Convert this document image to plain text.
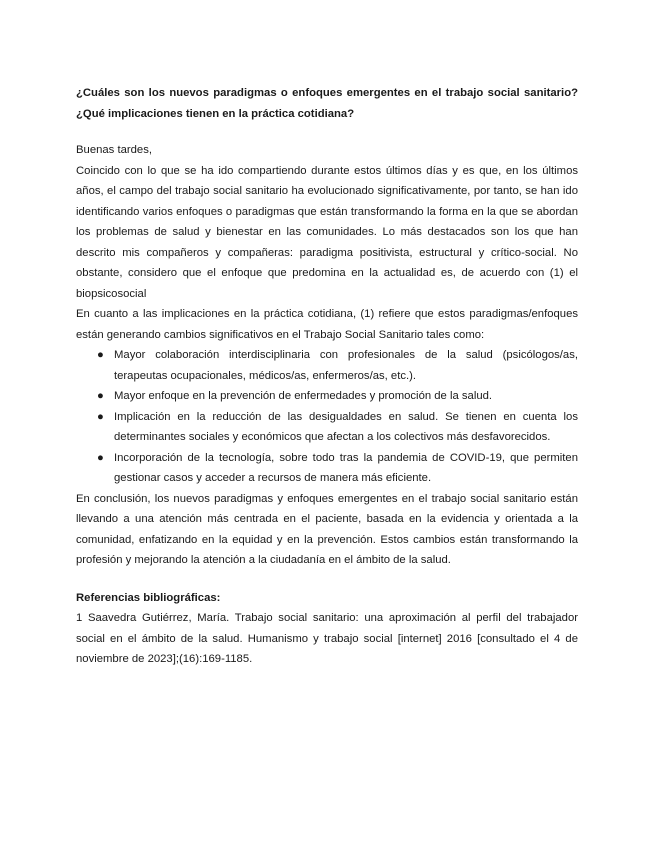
¿Cuáles son los nuevos paradigmas o enfoques emergentes en el trabajo social sanitario? ¿Qué implicaciones tienen en la práctica cotidiana?

Buenas tardes,

Coincido con lo que se ha ido compartiendo durante estos últimos días y es que, en los últimos años, el campo del trabajo social sanitario ha evolucionado significativamente, por tanto, se han ido identificando varios enfoques o paradigmas que están transformando la forma en la que se abordan los problemas de salud y bienestar en las comunidades. Lo más destacados son los que han descrito mis compañeros y compañeras: paradigma positivista, estructural y crítico-social. No obstante, considero que el enfoque que predomina en la actualidad es, de acuerdo con (1) el biopsicosocial

En cuanto a las implicaciones en la práctica cotidiana, (1) refiere que estos paradigmas/enfoques están generando cambios significativos en el Trabajo Social Sanitario tales como:

● Mayor colaboración interdisciplinaria con profesionales de la salud (psicólogos/as, terapeutas ocupacionales, médicos/as, enfermeros/as, etc.).
● Mayor enfoque en la prevención de enfermedades y promoción de la salud.
● Implicación en la reducción de las desigualdades en salud. Se tienen en cuenta los determinantes sociales y económicos que afectan a los colectivos más desfavorecidos.
● Incorporación de la tecnología, sobre todo tras la pandemia de COVID-19, que permiten gestionar casos y acceder a recursos de manera más eficiente.

En conclusión, los nuevos paradigmas y enfoques emergentes en el trabajo social sanitario están llevando a una atención más centrada en el paciente, basada en la evidencia y orientada a la comunidad, enfatizando en la equidad y en la prevención. Estos cambios están transformando la profesión y mejorando la atención a la ciudadanía en el ámbito de la salud.

Referencias bibliográficas:

1 Saavedra Gutiérrez, María. Trabajo social sanitario: una aproximación al perfil del trabajador social en el ámbito de la salud. Humanismo y trabajo social [internet] 2016 [consultado el 4 de noviembre de 2023];(16):169-1185.
